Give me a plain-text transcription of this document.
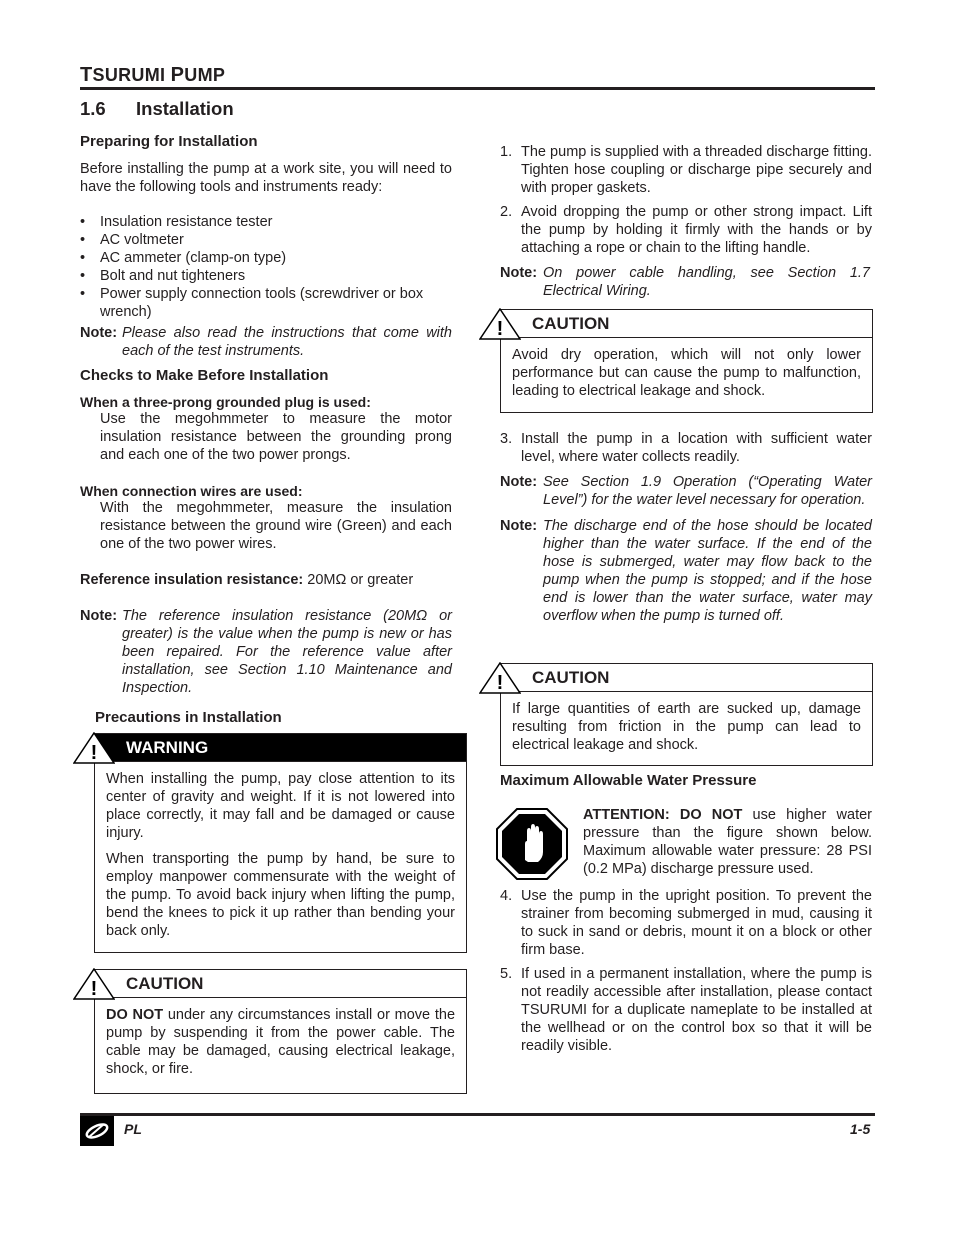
TSURUMI PUMP
1.6 Installation
Preparing for Installation
Before installing the pump at a work site, you will need to have the following tools and instruments ready:
• Insulation resistance tester
• AC voltmeter
• AC ammeter (clamp-on type)
• Bolt and nut tighteners
• Power supply connection tools (screwdriver or box wrench)
Note: Please also read the instructions that come with each of the test instruments.
Checks to Make Before Installation
When a three-prong grounded plug is used:
Use the megohmmeter to measure the motor insulation resistance between the grounding prong and each one of the two power prongs.
When connection wires are used:
With the megohmmeter, measure the insulation resistance between the ground wire (Green) and each one of the two power wires.
Reference insulation resistance: 20MΩ or greater
Note: The reference insulation resistance (20MΩ or greater) is the value when the pump is new or has been repaired. For the reference value after installation, see Section 1.10 Maintenance and Inspection.
Precautions in Installation
! WARNING

When installing the pump, pay close attention to its center of gravity and weight. If it is not lowered into place correctly, it may fall and be damaged or cause injury.

When transporting the pump by hand, be sure to employ manpower commensurate with the weight of the pump. To avoid back injury when lifting the pump, bend the knees to pick it up rather than bending your back only.

! CAUTION
DO NOT under any circumstances install or move the pump by suspending it from the power cable. The cable may be damaged, causing electrical leakage, shock, or fire.
1. The pump is supplied with a threaded discharge fitting. Tighten hose coupling or discharge pipe securely and with proper gaskets.
2. Avoid dropping the pump or other strong impact. Lift the pump by holding it firmly with the hands or by attaching a rope or chain to the lifting handle.
Note: On power cable handling, see Section 1.7 Electrical Wiring.
! CAUTION
Avoid dry operation, which will not only lower performance but can cause the pump to malfunction, leading to electrical leakage and shock.
3. Install the pump in a location with sufficient water level, where water collects readily.
Note: See Section 1.9 Operation (“Operating Water Level”) for the water level necessary for operation.
Note: The discharge end of the hose should be located higher than the water surface. If the end of the hose is submerged, water may flow back to the pump when the pump is stopped; and if the hose end is lower than the water surface, water may overflow when the pump is turned off.
! CAUTION
If large quantities of earth are sucked up, damage resulting from friction in the pump can lead to electrical leakage and shock.
Maximum Allowable Water Pressure
ATTENTION: DO NOT use higher water pressure than the figure shown below. Maximum allowable water pressure: 28 PSI (0.2 MPa) discharge pressure used.
4. Use the pump in the upright position. To prevent the strainer from becoming submerged in mud, causing it to suck in sand or debris, mount it on a block or other firm base.
5. If used in a permanent installation, where the pump is not readily accessible after installation, please contact TSURUMI for a duplicate nameplate to be installed at the wellhead or on the control box so that it will be readily visible.
PL	1-5
